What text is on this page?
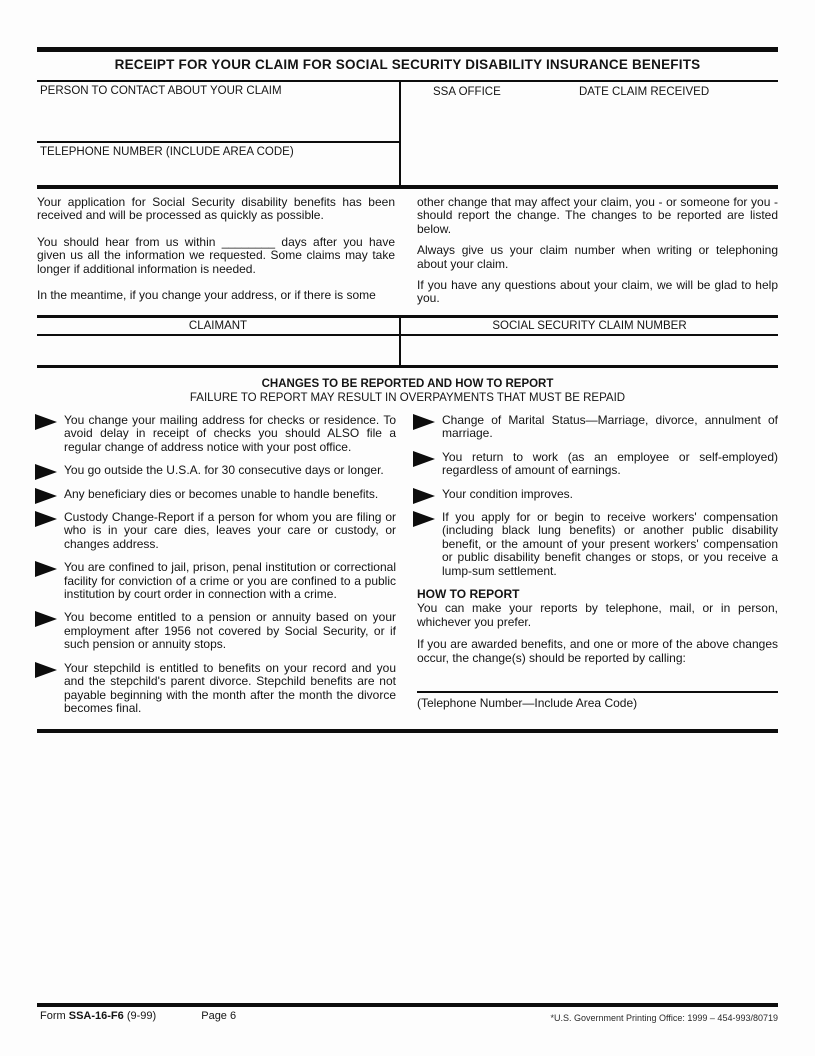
RECEIPT FOR YOUR CLAIM FOR SOCIAL SECURITY DISABILITY INSURANCE BENEFITS
PERSON TO CONTACT ABOUT YOUR CLAIM
TELEPHONE NUMBER (INCLUDE AREA CODE)
SSA OFFICE	DATE CLAIM RECEIVED

Your application for Social Security disability benefits has been received and will be processed as quickly as possible.

You should hear from us within ________ days after you have given us all the information we requested. Some claims may take longer if additional information is needed.

In the meantime, if you change your address, or if there is some

other change that may affect your claim, you - or someone for you - should report the change. The changes to be reported are listed below.

Always give us your claim number when writing or telephoning about your claim.

If you have any questions about your claim, we will be glad to help you.

CLAIMANT	SOCIAL SECURITY CLAIM NUMBER
CHANGES TO BE REPORTED AND HOW TO REPORT
FAILURE TO REPORT MAY RESULT IN OVERPAYMENTS THAT MUST BE REPAID
You change your mailing address for checks or residence. To avoid delay in receipt of checks you should ALSO file a regular change of address notice with your post office.
You go outside the U.S.A. for 30 consecutive days or longer.
Any beneficiary dies or becomes unable to handle benefits.
Custody Change-Report if a person for whom you are filing or who is in your care dies, leaves your care or custody, or changes address.
You are confined to jail, prison, penal institution or correctional facility for conviction of a crime or you are confined to a public institution by court order in connection with a crime.
You become entitled to a pension or annuity based on your employment after 1956 not covered by Social Security, or if such pension or annuity stops.
Your stepchild is entitled to benefits on your record and you and the stepchild's parent divorce. Stepchild benefits are not payable beginning with the month after the month the divorce becomes final.
Change of Marital Status—Marriage, divorce, annulment of marriage.
You return to work (as an employee or self-employed) regardless of amount of earnings.
Your condition improves.
If you apply for or begin to receive workers' compensation (including black lung benefits) or another public disability benefit, or the amount of your present workers' compensation or public disability benefit changes or stops, or you receive a lump-sum settlement.
HOW TO REPORT
You can make your reports by telephone, mail, or in person, whichever you prefer.
If you are awarded benefits, and one or more of the above changes occur, the change(s) should be reported by calling:
(Telephone Number—Include Area Code)
Form SSA-16-F6 (9-99)	Page 6	*U.S. Government Printing Office: 1999 – 454-993/80719
